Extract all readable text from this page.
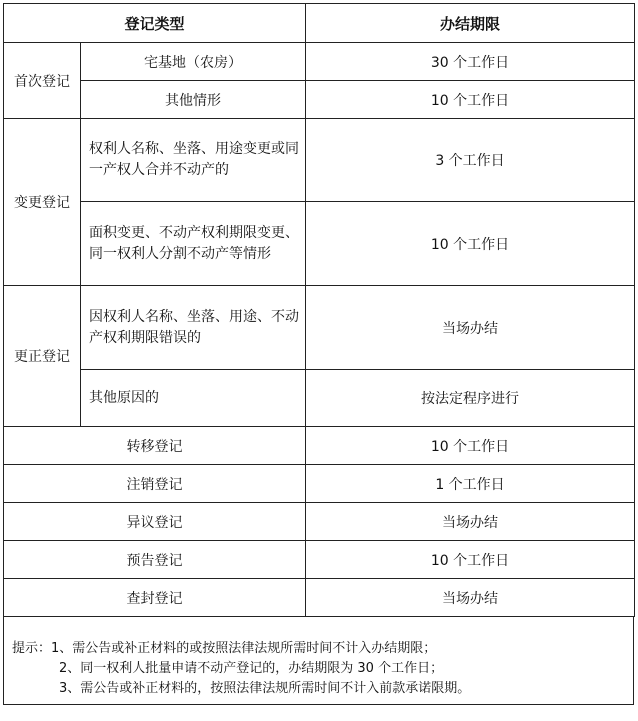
登记类型		办结期限
首次登记	宅基地（农房）	30 个工作日
	其他情形	10 个工作日
变更登记	权利人名称、坐落、用途变更或同一产权人合并不动产的	3 个工作日
	面积变更、不动产权利期限变更、同一权利人分割不动产等情形	10 个工作日
更正登记	因权利人名称、坐落、用途、不动产权利期限错误的	当场办结
	其他原因的	按法定程序进行
转移登记		10 个工作日
注销登记		1 个工作日
异议登记		当场办结
预告登记		10 个工作日
查封登记		当场办结
提示：1、需公告或补正材料的或按照法律法规所需时间不计入办结期限；
2、同一权利人批量申请不动产登记的，办结期限为 30 个工作日；
3、需公告或补正材料的，按照法律法规所需时间不计入前款承诺限期。
